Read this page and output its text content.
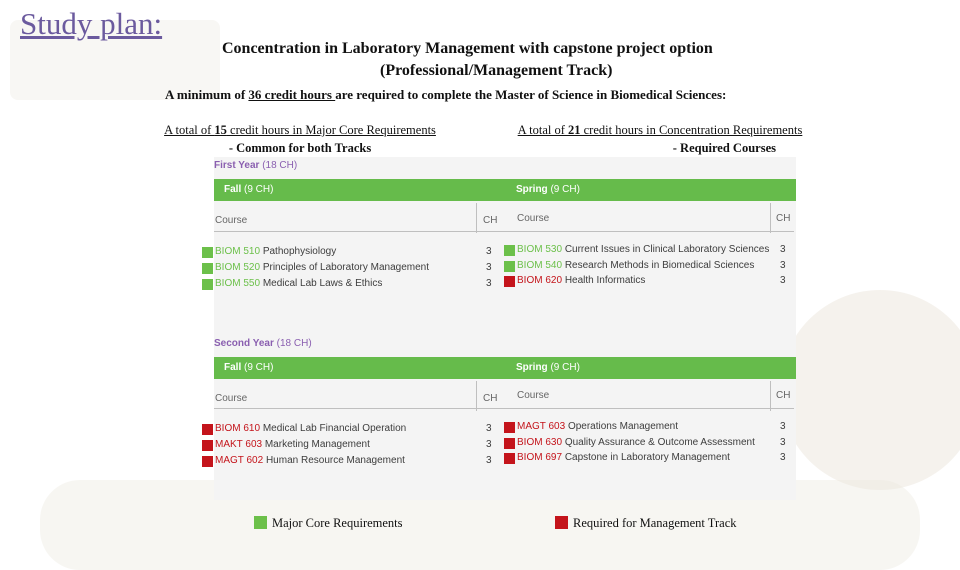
Study plan:
Concentration in Laboratory Management with capstone project option
(Professional/Management Track)
A minimum of 36 credit hours are required to complete the Master of Science in Biomedical Sciences:
A total of 15 credit hours in Major Core Requirements
- Common for both Tracks
A total of 21 credit hours in Concentration Requirements
- Required Courses
First Year (18 CH)
Fall (9 CH)	Spring (9 CH)
Course	CH Course	CH
BIOM 510 Pathophysiology	3
BIOM 520 Principles of Laboratory Management	3
BIOM 550 Medical Lab Laws & Ethics	3
BIOM 530 Current Issues in Clinical Laboratory Sciences 3
BIOM 540 Research Methods in Biomedical Sciences	3
BIOM 620 Health Informatics	3
Second Year (18 CH)
Fall (9 CH)	Spring (9 CH)
Course	CH Course	CH
BIOM 610 Medical Lab Financial Operation	3
MAKT 603 Marketing Management	3
MAGT 602 Human Resource Management	3
MAGT 603 Operations Management	3
BIOM 630 Quality Assurance & Outcome Assessment	3
BIOM 697 Capstone in Laboratory Management	3
Major Core Requirements	Required for Management Track
